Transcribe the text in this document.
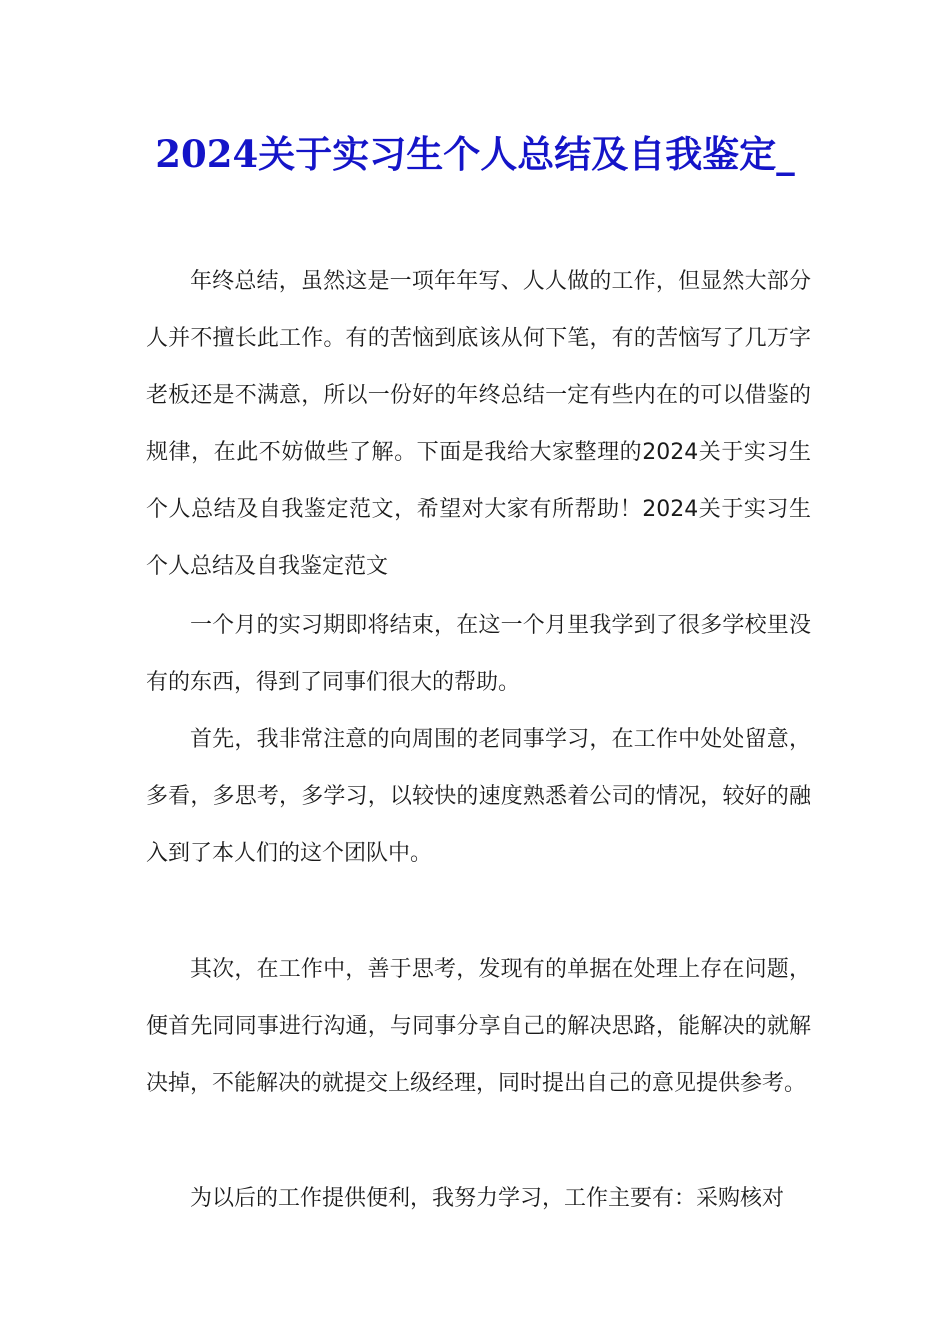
2024关于实习生个人总结及自我鉴定_

年终总结，虽然这是一项年年写、人人做的工作，但显然大部分人并不擅长此工作。有的苦恼到底该从何下笔，有的苦恼写了几万字老板还是不满意，所以一份好的年终总结一定有些内在的可以借鉴的规律，在此不妨做些了解。下面是我给大家整理的2024关于实习生个人总结及自我鉴定范文，希望对大家有所帮助！2024关于实习生个人总结及自我鉴定范文

一个月的实习期即将结束，在这一个月里我学到了很多学校里没有的东西，得到了同事们很大的帮助。

首先，我非常注意的向周围的老同事学习，在工作中处处留意，多看，多思考，多学习，以较快的速度熟悉着公司的情况，较好的融入到了本人们的这个团队中。

其次，在工作中，善于思考，发现有的单据在处理上存在问题，便首先同同事进行沟通，与同事分享自己的解决思路，能解决的就解决掉，不能解决的就提交上级经理，同时提出自己的意见提供参考。

为以后的工作提供便利，我努力学习，工作主要有：采购核对
